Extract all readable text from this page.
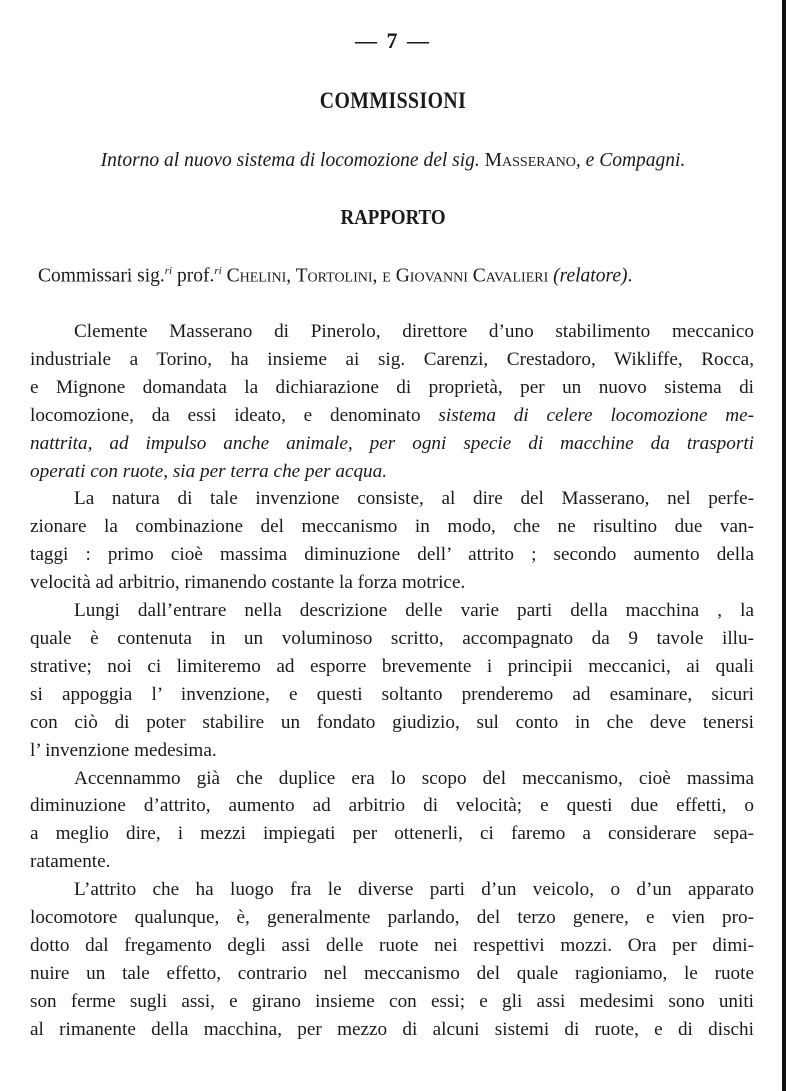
— 7 —
COMMISSIONI
Intorno al nuovo sistema di locomozione del sig. Masserano, e Compagni.
RAPPORTO
Commissari sig.$^{ri}$ prof.$^{ri}$ Chelini, Tortolini, e Giovanni Cavalieri (relatore).

Clemente Masserano di Pinerolo, direttore d’uno stabilimento meccanico
industriale a Torino, ha insieme ai sig. Carenzi, Crestadoro, Wikliffe, Rocca,
e Mignone domandata la dichiarazione di proprietà, per un nuovo sistema di
locomozione, da essi ideato, e denominato sistema di celere locomozione me-
nattrita, ad impulso anche animale, per ogni specie di macchine da trasporti
operati con ruote, sia per terra che per acqua.

La natura di tale invenzione consiste, al dire del Masserano, nel perfe-
zionare la combinazione del meccanismo in modo, che ne risultino due van-
taggi : primo cioè massima diminuzione dell’ attrito ; secondo aumento della
velocità ad arbitrio, rimanendo costante la forza motrice.

Lungi dall’entrare nella descrizione delle varie parti della macchina , la
quale è contenuta in un voluminoso scritto, accompagnato da 9 tavole illu-
strative; noi ci limiteremo ad esporre brevemente i principii meccanici, ai quali
si appoggia l’ invenzione, e questi soltanto prenderemo ad esaminare, sicuri
con ciò di poter stabilire un fondato giudizio, sul conto in che deve tenersi
l’ invenzione medesima.

Accennammo già che duplice era lo scopo del meccanismo, cioè massima
diminuzione d’attrito, aumento ad arbitrio di velocità; e questi due effetti, o
a meglio dire, i mezzi impiegati per ottenerli, ci faremo a considerare sepa-
ratamente.

L’attrito che ha luogo fra le diverse parti d’un veicolo, o d’un apparato
locomotore qualunque, è, generalmente parlando, del terzo genere, e vien pro-
dotto dal fregamento degli assi delle ruote nei respettivi mozzi. Ora per dimi-
nuire un tale effetto, contrario nel meccanismo del quale ragioniamo, le ruote
son ferme sugli assi, e girano insieme con essi; e gli assi medesimi sono uniti
al rimanente della macchina, per mezzo di alcuni sistemi di ruote, e di dischi
